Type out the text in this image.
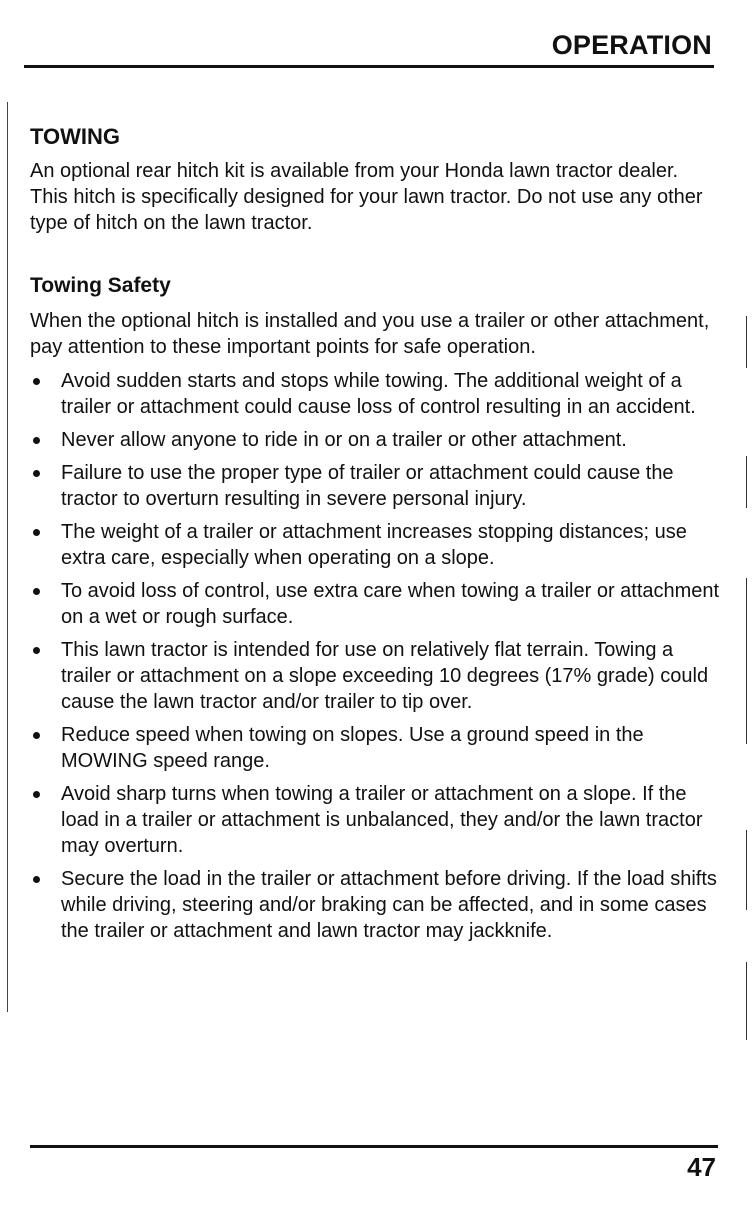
OPERATION
TOWING

An optional rear hitch kit is available from your Honda lawn tractor dealer. This hitch is specifically designed for your lawn tractor. Do not use any other type of hitch on the lawn tractor.

Towing Safety

When the optional hitch is installed and you use a trailer or other attachment, pay attention to these important points for safe operation.

Avoid sudden starts and stops while towing. The additional weight of a trailer or attachment could cause loss of control resulting in an accident.
Never allow anyone to ride in or on a trailer or other attachment.
Failure to use the proper type of trailer or attachment could cause the tractor to overturn resulting in severe personal injury.
The weight of a trailer or attachment increases stopping distances; use extra care, especially when operating on a slope.
To avoid loss of control, use extra care when towing a trailer or attachment on a wet or rough surface.
This lawn tractor is intended for use on relatively flat terrain. Towing a trailer or attachment on a slope exceeding 10 degrees (17% grade) could cause the lawn tractor and/or trailer to tip over.
Reduce speed when towing on slopes. Use a ground speed in the MOWING speed range.
Avoid sharp turns when towing a trailer or attachment on a slope. If the load in a trailer or attachment is unbalanced, they and/or the lawn tractor may overturn.
Secure the load in the trailer or attachment before driving. If the load shifts while driving, steering and/or braking can be affected, and in some cases the trailer or attachment and lawn tractor may jackknife.

47
